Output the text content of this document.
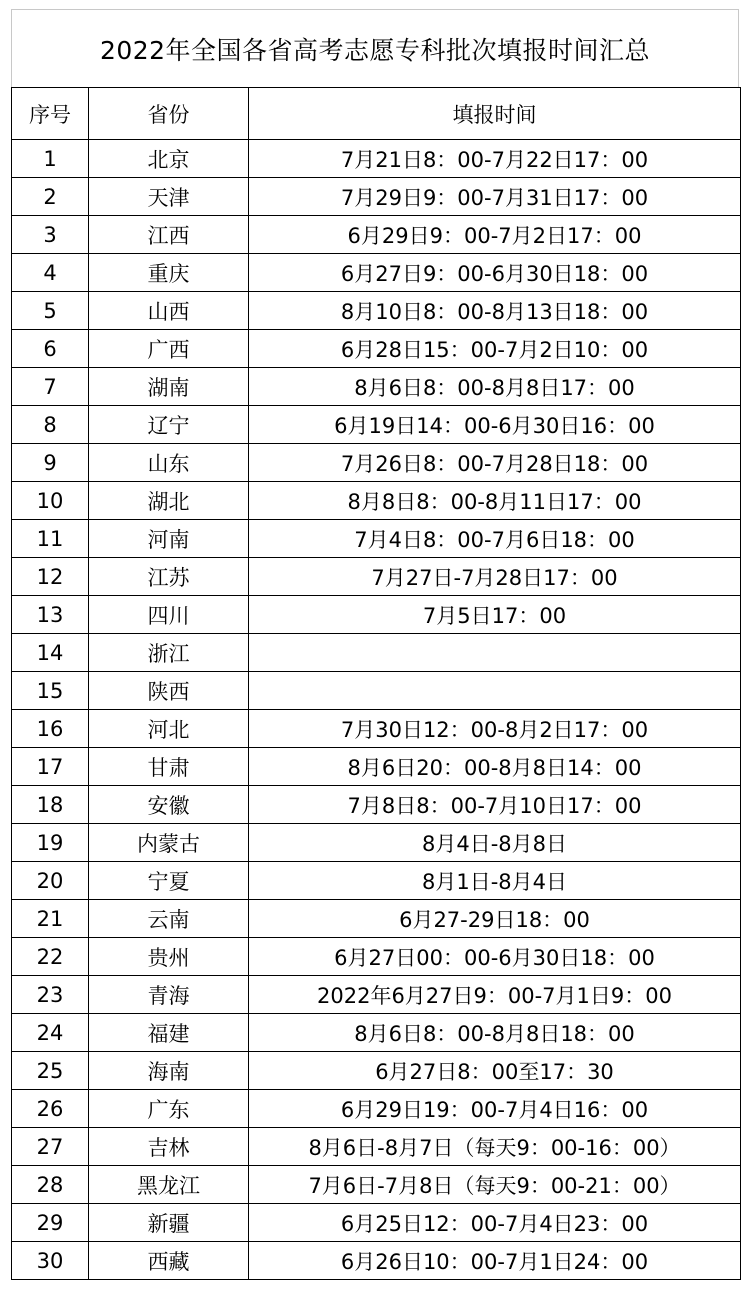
2022年全国各省高考志愿专科批次填报时间汇总
序号	省份	填报时间
1	北京	7月21日8：00-7月22日17：00
2	天津	7月29日9：00-7月31日17：00
3	江西	6月29日9：00-7月2日17：00
4	重庆	6月27日9：00-6月30日18：00
5	山西	8月10日8：00-8月13日18：00
6	广西	6月28日15：00-7月2日10：00
7	湖南	8月6日8：00-8月8日17：00
8	辽宁	6月19日14：00-6月30日16：00
9	山东	7月26日8：00-7月28日18：00
10	湖北	8月8日8：00-8月11日17：00
11	河南	7月4日8：00-7月6日18：00
12	江苏	7月27日-7月28日17：00
13	四川	7月5日17：00
14	浙江	
15	陕西	
16	河北	7月30日12：00-8月2日17：00
17	甘肃	8月6日20：00-8月8日14：00
18	安徽	7月8日8：00-7月10日17：00
19	内蒙古	8月4日-8月8日
20	宁夏	8月1日-8月4日
21	云南	6月27-29日18：00
22	贵州	6月27日00：00-6月30日18：00
23	青海	2022年6月27日9：00-7月1日9：00
24	福建	8月6日8：00-8月8日18：00
25	海南	6月27日8：00至17：30
26	广东	6月29日19：00-7月4日16：00
27	吉林	8月6日-8月7日（每天9：00-16：00）
28	黑龙江	7月6日-7月8日（每天9：00-21：00）
29	新疆	6月25日12：00-7月4日23：00
30	西藏	6月26日10：00-7月1日24：00
